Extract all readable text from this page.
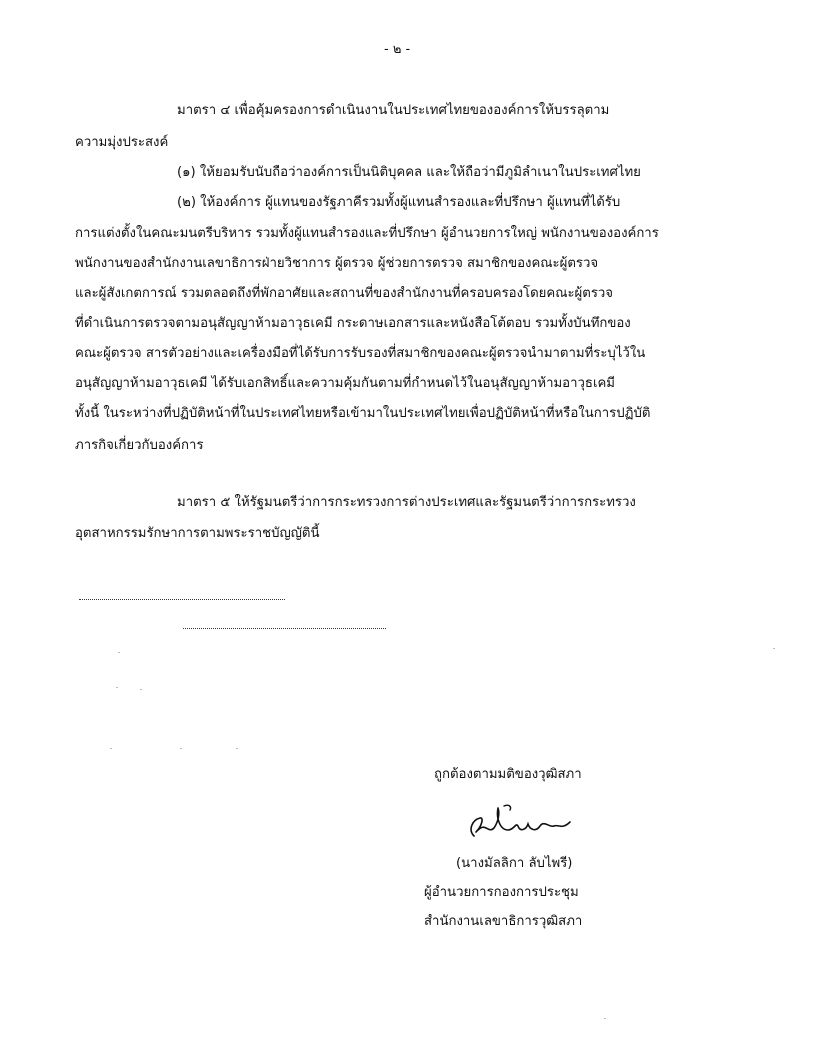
- ๒ -
มาตรา ๔ เพื่อคุ้มครองการดำเนินงานในประเทศไทยขององค์การให้บรรลุตาม
ความมุ่งประสงค์
(๑) ให้ยอมรับนับถือว่าองค์การเป็นนิติบุคคล และให้ถือว่ามีภูมิลำเนาในประเทศไทย
(๒) ให้องค์การ ผู้แทนของรัฐภาคีรวมทั้งผู้แทนสำรองและที่ปรึกษา ผู้แทนที่ได้รับ
การแต่งตั้งในคณะมนตรีบริหาร รวมทั้งผู้แทนสำรองและที่ปรึกษา ผู้อำนวยการใหญ่ พนักงานขององค์การ
พนักงานของสำนักงานเลขาธิการฝ่ายวิชาการ ผู้ตรวจ ผู้ช่วยการตรวจ สมาชิกของคณะผู้ตรวจ
และผู้สังเกตการณ์ รวมตลอดถึงที่พักอาศัยและสถานที่ของสำนักงานที่ครอบครองโดยคณะผู้ตรวจ
ที่ดำเนินการตรวจตามอนุสัญญาห้ามอาวุธเคมี กระดาษเอกสารและหนังสือโต้ตอบ รวมทั้งบันทึกของ
คณะผู้ตรวจ สารตัวอย่างและเครื่องมือที่ได้รับการรับรองที่สมาชิกของคณะผู้ตรวจนำมาตามที่ระบุไว้ใน
อนุสัญญาห้ามอาวุธเคมี ได้รับเอกสิทธิ์และความคุ้มกันตามที่กำหนดไว้ในอนุสัญญาห้ามอาวุธเคมี
ทั้งนี้ ในระหว่างที่ปฏิบัติหน้าที่ในประเทศไทยหรือเข้ามาในประเทศไทยเพื่อปฏิบัติหน้าที่หรือในการปฏิบัติ
ภารกิจเกี่ยวกับองค์การ
มาตรา ๕ ให้รัฐมนตรีว่าการกระทรวงการต่างประเทศและรัฐมนตรีว่าการกระทรวง
อุตสาหกรรมรักษาการตามพระราชบัญญัตินี้
ถูกต้องตามมติของวุฒิสภา
(นางมัลลิกา ลับไพรี)
ผู้อำนวยการกองการประชุม
สำนักงานเลขาธิการวุฒิสภา
